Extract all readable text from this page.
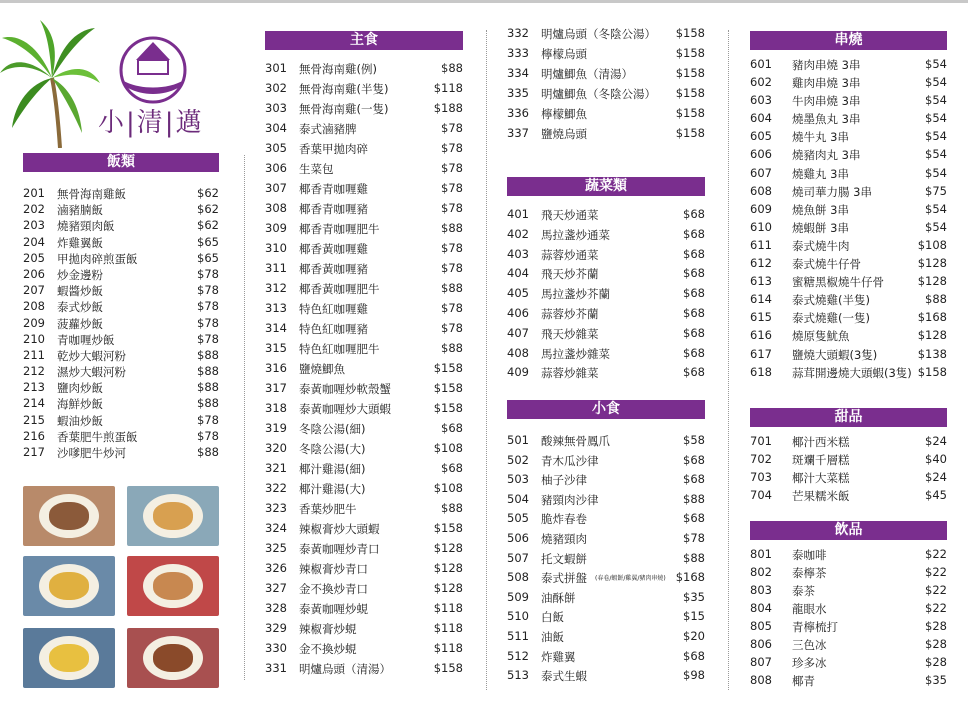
小|清|邁
飯類
201 無骨海南雞飯	$62
202 滷豬腩飯	$62
203 燒豬頸肉飯	$62
204 炸雞翼飯	$65
205 甲拋肉碎煎蛋飯	$65
206 炒金邊粉	$78
207 蝦醬炒飯	$78
208 泰式炒飯	$78
209 菠蘿炒飯	$78
210 青咖喱炒飯	$78
211 乾炒大蝦河粉	$88
212 濕炒大蝦河粉	$88
213 鹽肉炒飯	$88
214 海鮮炒飯	$88
215 蝦油炒飯	$78
216 香葉肥牛煎蛋飯	$78
217 沙嗲肥牛炒河	$88
主食
301 無骨海南雞(例)	$88
302 無骨海南雞(半隻)	$118
303 無骨海南雞(一隻)	$188
304 泰式滷豬脾	$78
305 香葉甲拋肉碎	$78
306 生菜包	$78
307 椰香青咖喱雞	$78
308 椰香青咖喱豬	$78
309 椰香青咖喱肥牛	$88
310 椰香黃咖喱雞	$78
311 椰香黃咖喱豬	$78
312 椰香黃咖喱肥牛	$88
313 特色紅咖喱雞	$78
314 特色紅咖喱豬	$78
315 特色紅咖喱肥牛	$88
316 鹽燒鯽魚	$158
317 泰黃咖喱炒軟殼蟹	$158
318 泰黃咖喱炒大頭蝦	$158
319 冬陰公湯(細)	$68
320 冬陰公湯(大)	$108
321 椰汁雞湯(細)	$68
322 椰汁雞湯(大)	$108
323 香葉炒肥牛	$88
324 辣椒膏炒大頭蝦	$158
325 泰黃咖喱炒青口	$128
326 辣椒膏炒青口	$128
327 金不換炒青口	$128
328 泰黃咖喱炒蜆	$118
329 辣椒膏炒蜆	$118
330 金不換炒蜆	$118
331 明爐烏頭（清湯）	$158
332 明爐烏頭（冬陰公湯） $158
333 檸檬烏頭	$158
334 明爐鯽魚（清湯）	$158
335 明爐鯽魚（冬陰公湯） $158
336 檸檬鯽魚	$158
337 鹽燒烏頭	$158
蔬菜類
401 飛天炒通菜	$68
402 馬拉盞炒通菜	$68
403 蒜蓉炒通菜	$68
404 飛天炒芥蘭	$68
405 馬拉盞炒芥蘭	$68
406 蒜蓉炒芥蘭	$68
407 飛天炒雜菜	$68
408 馬拉盞炒雜菜	$68
409 蒜蓉炒雜菜	$68
小食
501 酸辣無骨鳳爪	$58
502 青木瓜沙律	$68
503 柚子沙律	$68
504 豬頸肉沙律	$88
505 脆炸春卷	$68
506 燒豬頸肉	$78
507 托文蝦餅	$88
508 泰式拼盤 (春卷/蝦餅/雞翼/豬肉串燒) $168
509 油酥餅	$35
510 白飯	$15
511 油飯	$20
512 炸雞翼	$68
513 泰式生蝦	$98
串燒
601 豬肉串燒 3串	$54
602 雞肉串燒 3串	$54
603 牛肉串燒 3串	$54
604 燒墨魚丸 3串	$54
605 燒牛丸 3串	$54
606 燒豬肉丸 3串	$54
607 燒雞丸 3串	$54
608 燒司華力腸 3串	$75
609 燒魚餅 3串	$54
610 燒蝦餅 3串	$54
611 泰式燒牛肉	$108
612 泰式燒牛仔骨	$128
613 蜜糖黑椒燒牛仔骨	$128
614 泰式燒雞(半隻)	$88
615 泰式燒雞(一隻)	$168
616 燒原隻魷魚	$128
617 鹽燒大頭蝦(3隻)	$138
618 蒜茸開邊燒大頭蝦(3隻) $158
甜品
701 椰汁西米糕	$24
702 斑斕千層糕	$40
703 椰汁大菜糕	$24
704 芒果糯米飯	$45
飲品
801 泰咖啡	$22
802 泰檸茶	$22
803 泰茶	$22
804 龍眼水	$22
805 青檸梳打	$28
806 三色冰	$28
807 珍多冰	$28
808 椰青	$35
